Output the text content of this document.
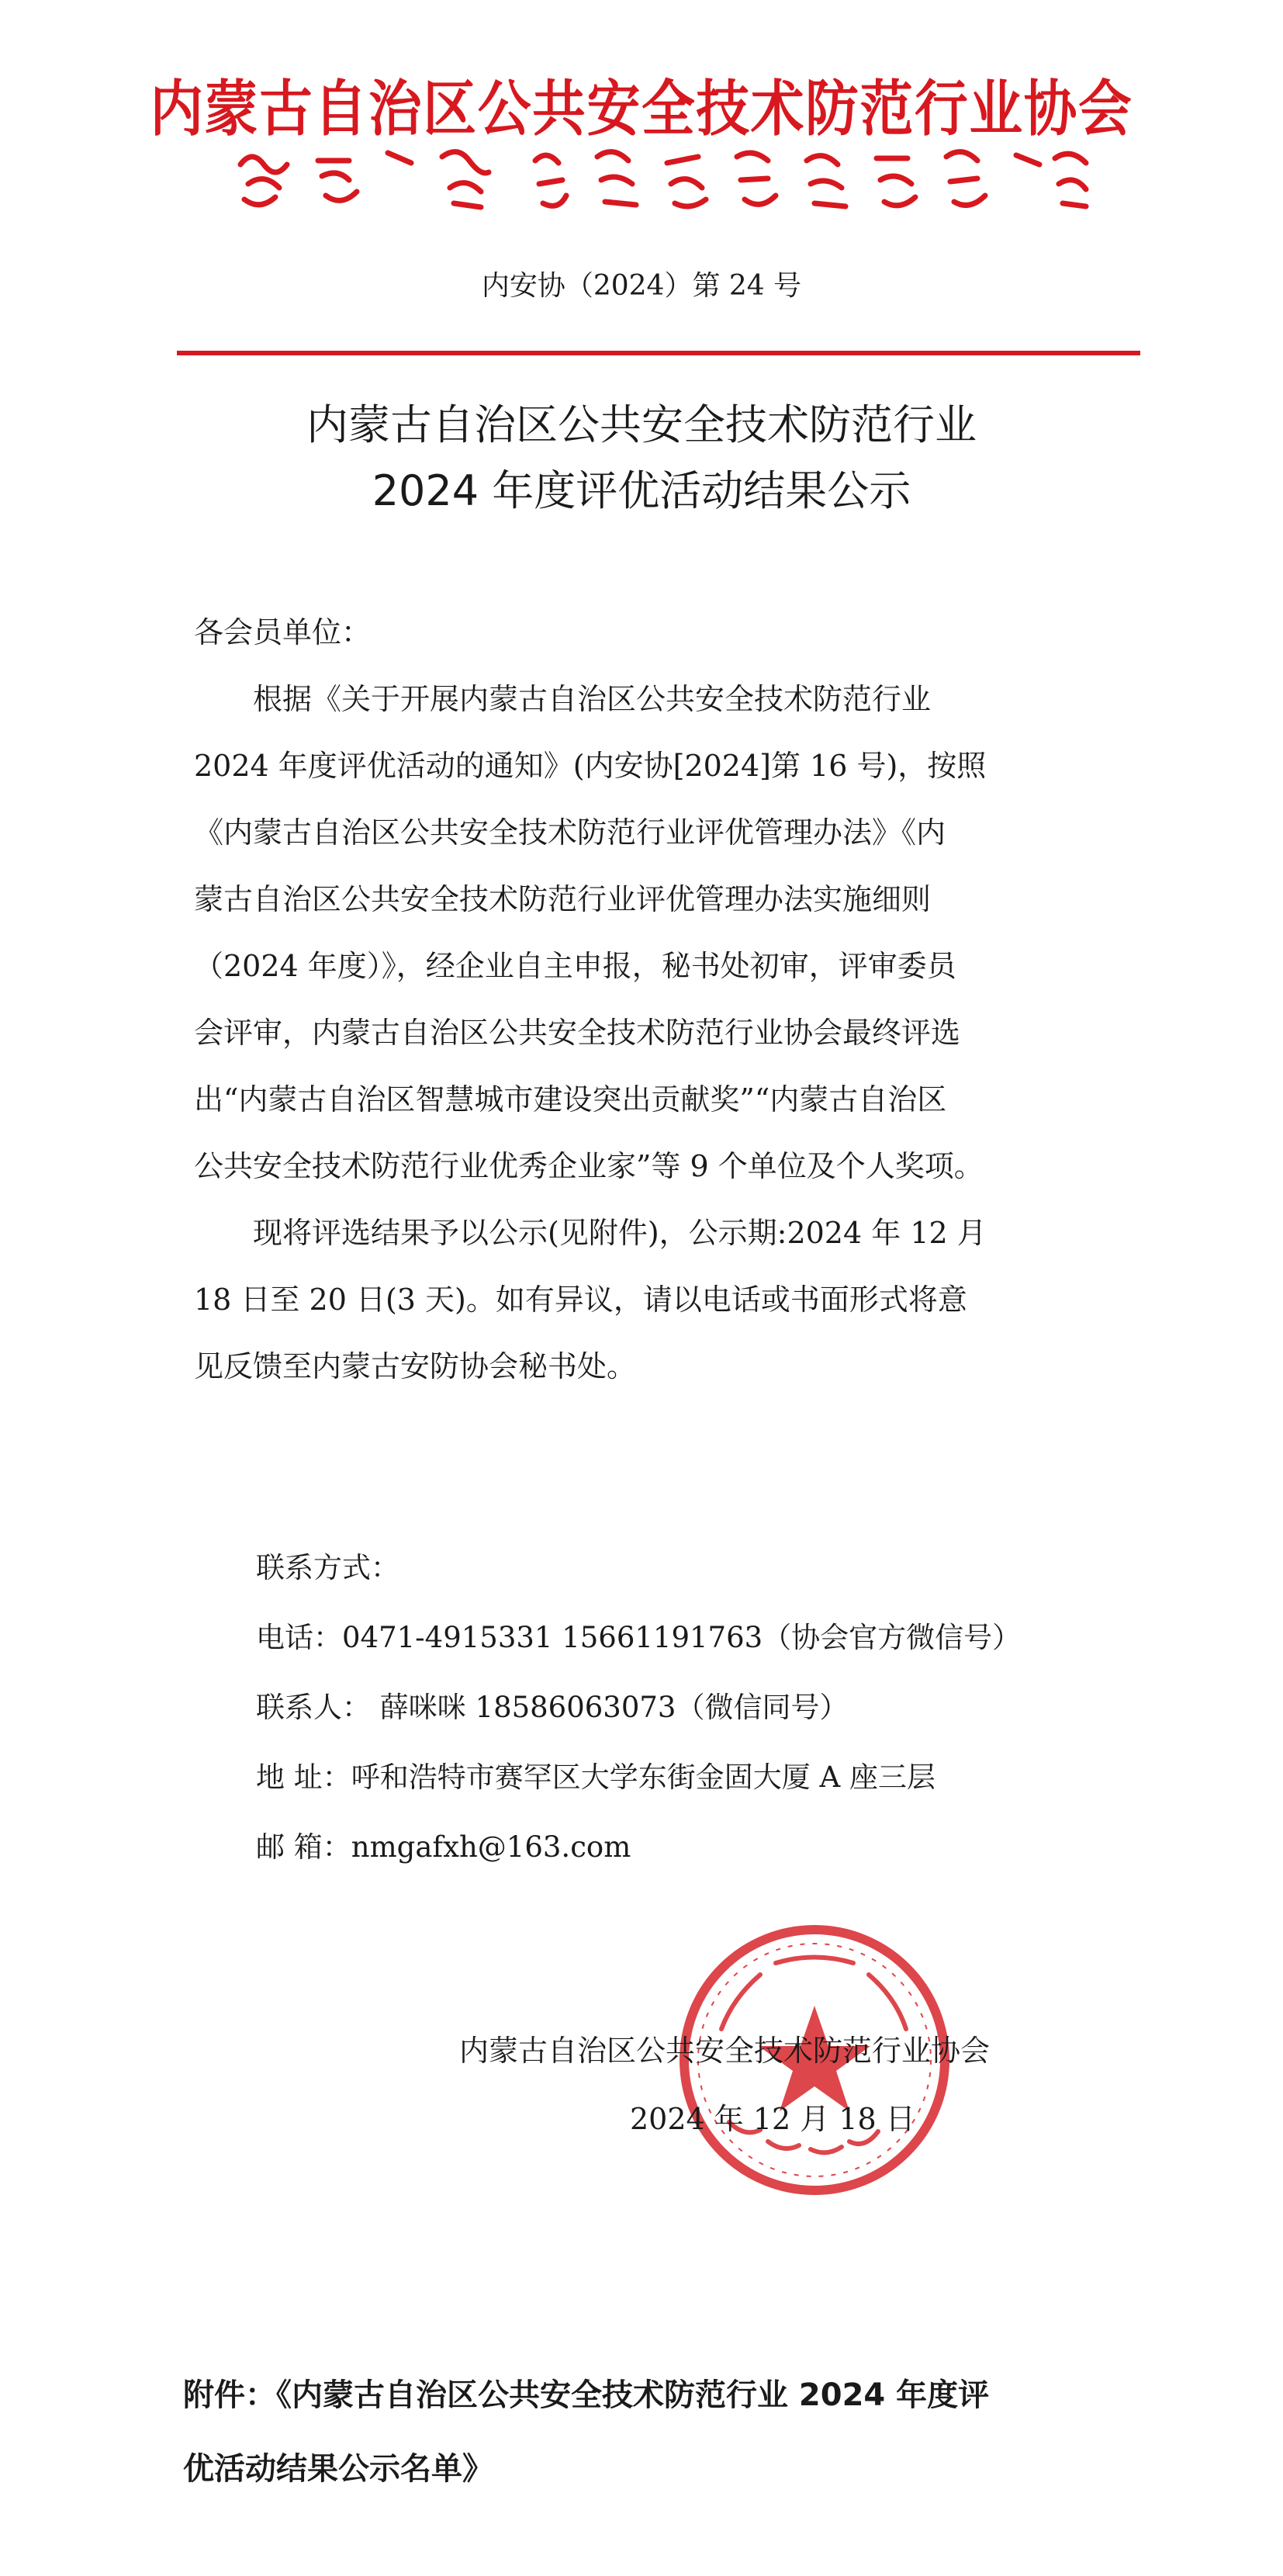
内蒙古自治区公共安全技术防范行业协会
内安协（2024）第 24 号
内蒙古自治区公共安全技术防范行业
2024 年度评优活动结果公示
各会员单位：
根据《关于开展内蒙古自治区公共安全技术防范行业
2024 年度评优活动的通知》(内安协[2024]第 16 号)，按照
《内蒙古自治区公共安全技术防范行业评优管理办法》《内
蒙古自治区公共安全技术防范行业评优管理办法实施细则
（2024 年度）》，经企业自主申报，秘书处初审，评审委员
会评审，内蒙古自治区公共安全技术防范行业协会最终评选
出“内蒙古自治区智慧城市建设突出贡献奖”“内蒙古自治区
公共安全技术防范行业优秀企业家”等 9 个单位及个人奖项。
现将评选结果予以公示(见附件)，公示期:2024 年 12 月
18 日至 20 日(3 天)。如有异议，请以电话或书面形式将意
见反馈至内蒙古安防协会秘书处。
联系方式：
电话：0471-4915331 15661191763（协会官方微信号）
联系人： 薛咪咪 18586063073（微信同号）
地 址：呼和浩特市赛罕区大学东街金固大厦 A 座三层
邮 箱：nmgafxh@163.com
内蒙古自治区公共安全技术防范行业协会
2024 年 12 月 18 日
附件：《内蒙古自治区公共安全技术防范行业 2024 年度评
优活动结果公示名单》
